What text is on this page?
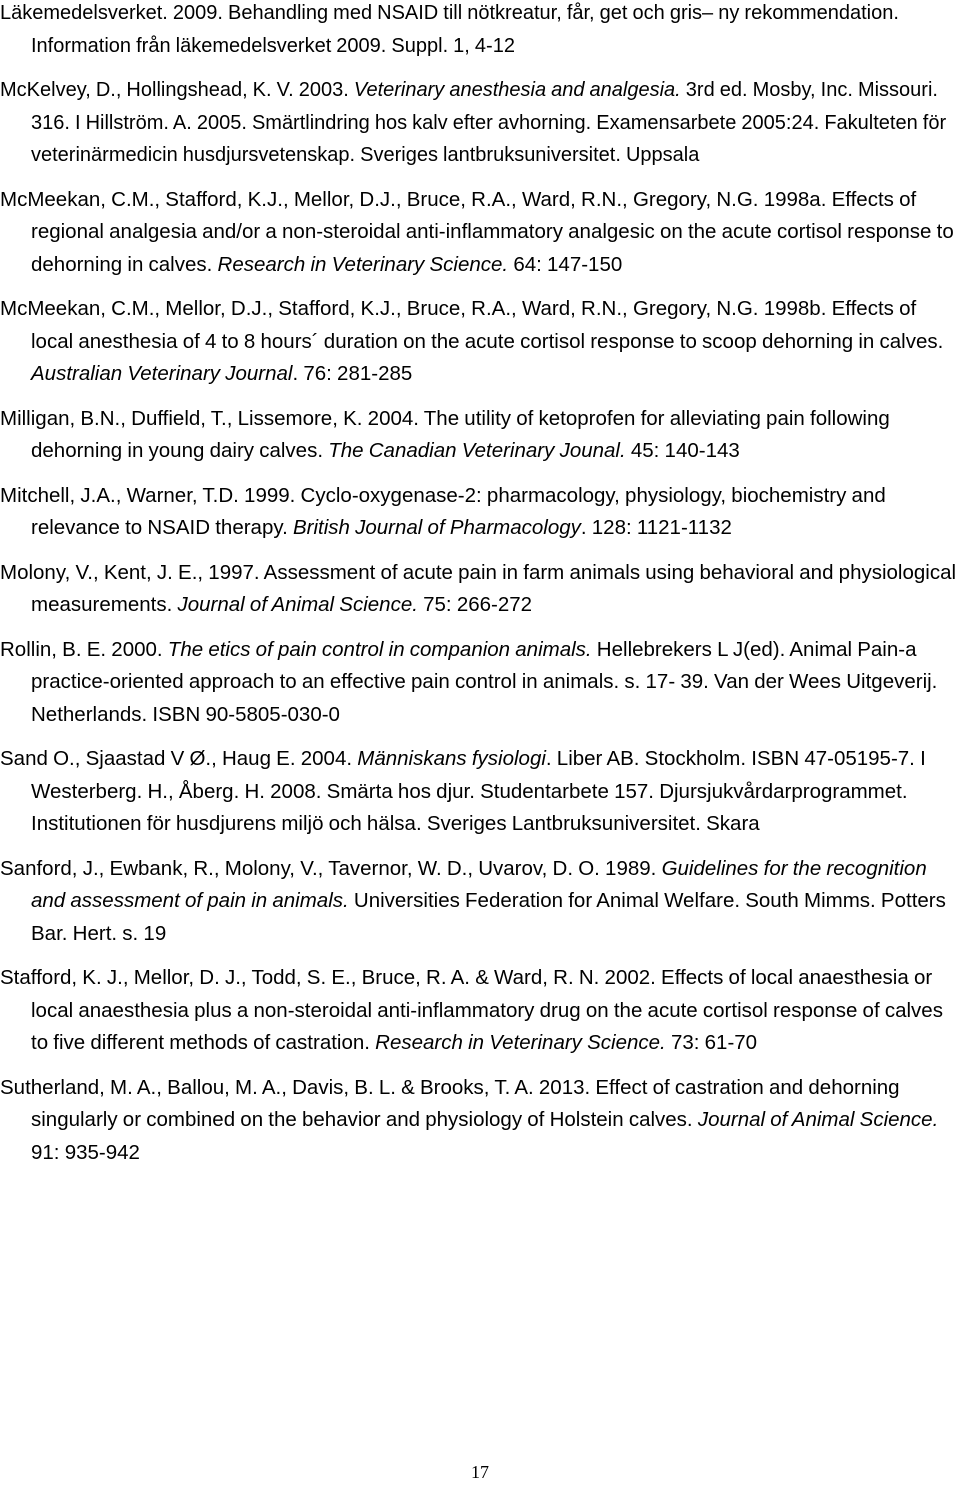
Läkemedelsverket. 2009. Behandling med NSAID till nötkreatur, får, get och gris– ny rekommendation. Information från läkemedelsverket 2009. Suppl. 1, 4-12

McKelvey, D., Hollingshead, K. V. 2003. Veterinary anesthesia and analgesia. 3rd ed. Mosby, Inc. Missouri. 316. I Hillström. A. 2005. Smärtlindring hos kalv efter avhorning. Examensarbete 2005:24. Fakulteten för veterinärmedicin husdjursvetenskap. Sveriges lantbruksuniversitet. Uppsala

McMeekan, C.M., Stafford, K.J., Mellor, D.J., Bruce, R.A., Ward, R.N., Gregory, N.G. 1998a. Effects of regional analgesia and/or a non-steroidal anti-inflammatory analgesic on the acute cortisol response to dehorning in calves. Research in Veterinary Science. 64: 147-150

McMeekan, C.M., Mellor, D.J., Stafford, K.J., Bruce, R.A., Ward, R.N., Gregory, N.G. 1998b. Effects of local anesthesia of 4 to 8 hours´ duration on the acute cortisol response to scoop dehorning in calves. Australian Veterinary Journal. 76: 281-285

Milligan, B.N., Duffield, T., Lissemore, K. 2004. The utility of ketoprofen for alleviating pain following dehorning in young dairy calves. The Canadian Veterinary Jounal. 45: 140-143

Mitchell, J.A., Warner, T.D. 1999. Cyclo-oxygenase-2: pharmacology, physiology, biochemistry and relevance to NSAID therapy. British Journal of Pharmacology. 128: 1121-1132

Molony, V., Kent, J. E., 1997. Assessment of acute pain in farm animals using behavioral and physiological measurements. Journal of Animal Science. 75: 266-272

Rollin, B. E. 2000. The etics of pain control in companion animals. Hellebrekers L J(ed). Animal Pain-a practice-oriented approach to an effective pain control in animals. s. 17- 39. Van der Wees Uitgeverij. Netherlands. ISBN 90-5805-030-0

Sand O., Sjaastad V Ø., Haug E. 2004. Människans fysiologi. Liber AB. Stockholm. ISBN 47-05195-7. I Westerberg. H., Åberg. H. 2008. Smärta hos djur. Studentarbete 157. Djursjukvårdarprogrammet. Institutionen för husdjurens miljö och hälsa. Sveriges Lantbruksuniversitet. Skara

Sanford, J., Ewbank, R., Molony, V., Tavernor, W. D., Uvarov, D. O. 1989. Guidelines for the recognition and assessment of pain in animals. Universities Federation for Animal Welfare. South Mimms. Potters Bar. Hert. s. 19

Stafford, K. J., Mellor, D. J., Todd, S. E., Bruce, R. A. & Ward, R. N. 2002. Effects of local anaesthesia or local anaesthesia plus a non-steroidal anti-inflammatory drug on the acute cortisol response of calves to five different methods of castration. Research in Veterinary Science. 73: 61-70

Sutherland, M. A., Ballou, M. A., Davis, B. L. & Brooks, T. A. 2013. Effect of castration and dehorning singularly or combined on the behavior and physiology of Holstein calves. Journal of Animal Science. 91: 935-942

17
